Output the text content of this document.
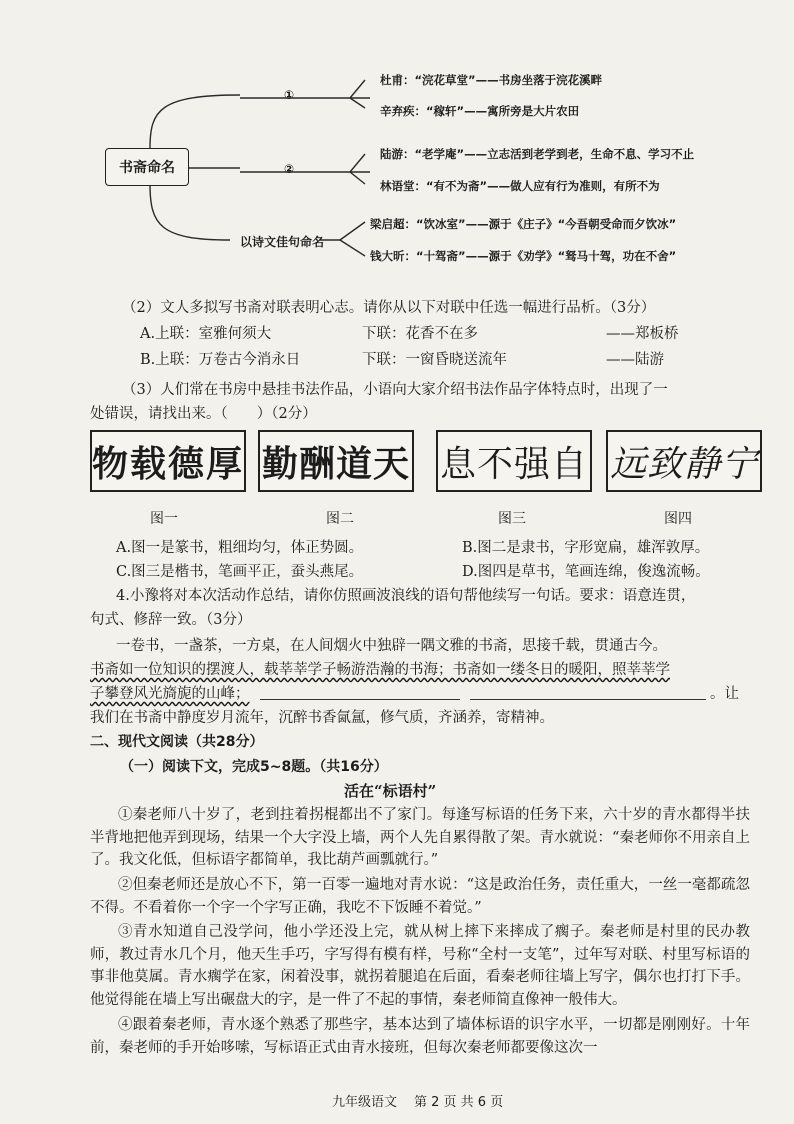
书斋命名
①
②
以诗文佳句命名
杜甫：“浣花草堂”——书房坐落于浣花溪畔
辛弃疾：“稼轩”——寓所旁是大片农田
陆游：“老学庵”——立志活到老学到老，生命不息、学习不止
林语堂：“有不为斋”——做人应有行为准则，有所不为
梁启超：“饮冰室”——源于《庄子》“今吾朝受命而夕饮冰”
钱大昕：“十驾斋”——源于《劝学》“驽马十驾，功在不舍”
（2）文人多拟写书斋对联表明心志。请你从以下对联中任选一幅进行品析。（3分）
A.上联：室雅何须大	下联：花香不在多	——郑板桥
B.上联：万卷古今消永日	下联：一窗昏晓送流年	——陆游
（3）人们常在书房中悬挂书法作品，小语向大家介绍书法作品字体特点时，出现了一
处错误，请找出来。（　　）（2分）
物载德厚 勤酬道天 息不强自 远致静宁
图一	图二	图三	图四
A.图一是篆书，粗细均匀，体正势圆。	B.图二是隶书，字形宽扁，雄浑敦厚。
C.图三是楷书，笔画平正，蚕头燕尾。	D.图四是草书，笔画连绵，俊逸流畅。
4.小豫将对本次活动作总结，请你仿照画波浪线的语句帮他续写一句话。要求：语意连贯，
句式、修辞一致。（3分）
一卷书，一盏茶，一方桌，在人间烟火中独辟一隅文雅的书斋，思接千载，贯通古今。
书斋如一位知识的摆渡人，载莘莘学子畅游浩瀚的书海；书斋如一缕冬日的暖阳，照莘莘学
子攀登风光旖旎的山峰；	。让
我们在书斋中静度岁月流年，沉醉书香氤氲，修气质，齐涵养，寄精神。
二、现代文阅读（共28分）
（一）阅读下文，完成5~8题。（共16分）
活在“标语村”
①秦老师八十岁了，老到拄着拐棍都出不了家门。每逢写标语的任务下来，六十岁的青水都得半扶半背地把他弄到现场，结果一个大字没上墙，两个人先自累得散了架。青水就说：“秦老师你不用亲自上了。我文化低，但标语字都简单，我比葫芦画瓢就行。”
②但秦老师还是放心不下，第一百零一遍地对青水说：“这是政治任务，责任重大，一丝一毫都疏忽不得。不看着你一个字一个字写正确，我吃不下饭睡不着觉。”
③青水知道自己没学问，他小学还没上完，就从树上摔下来摔成了瘸子。秦老师是村里的民办教师，教过青水几个月，他天生手巧，字写得有模有样，号称“全村一支笔”，过年写对联、村里写标语的事非他莫属。青水瘸学在家，闲着没事，就拐着腿追在后面，看秦老师往墙上写字，偶尔也打打下手。他觉得能在墙上写出碾盘大的字，是一件了不起的事情，秦老师简直像神一般伟大。
④跟着秦老师，青水逐个熟悉了那些字，基本达到了墙体标语的识字水平，一切都是刚刚好。十年前，秦老师的手开始哆嗦，写标语正式由青水接班，但每次秦老师都要像这次一
九年级语文 第 2 页 共 6 页
